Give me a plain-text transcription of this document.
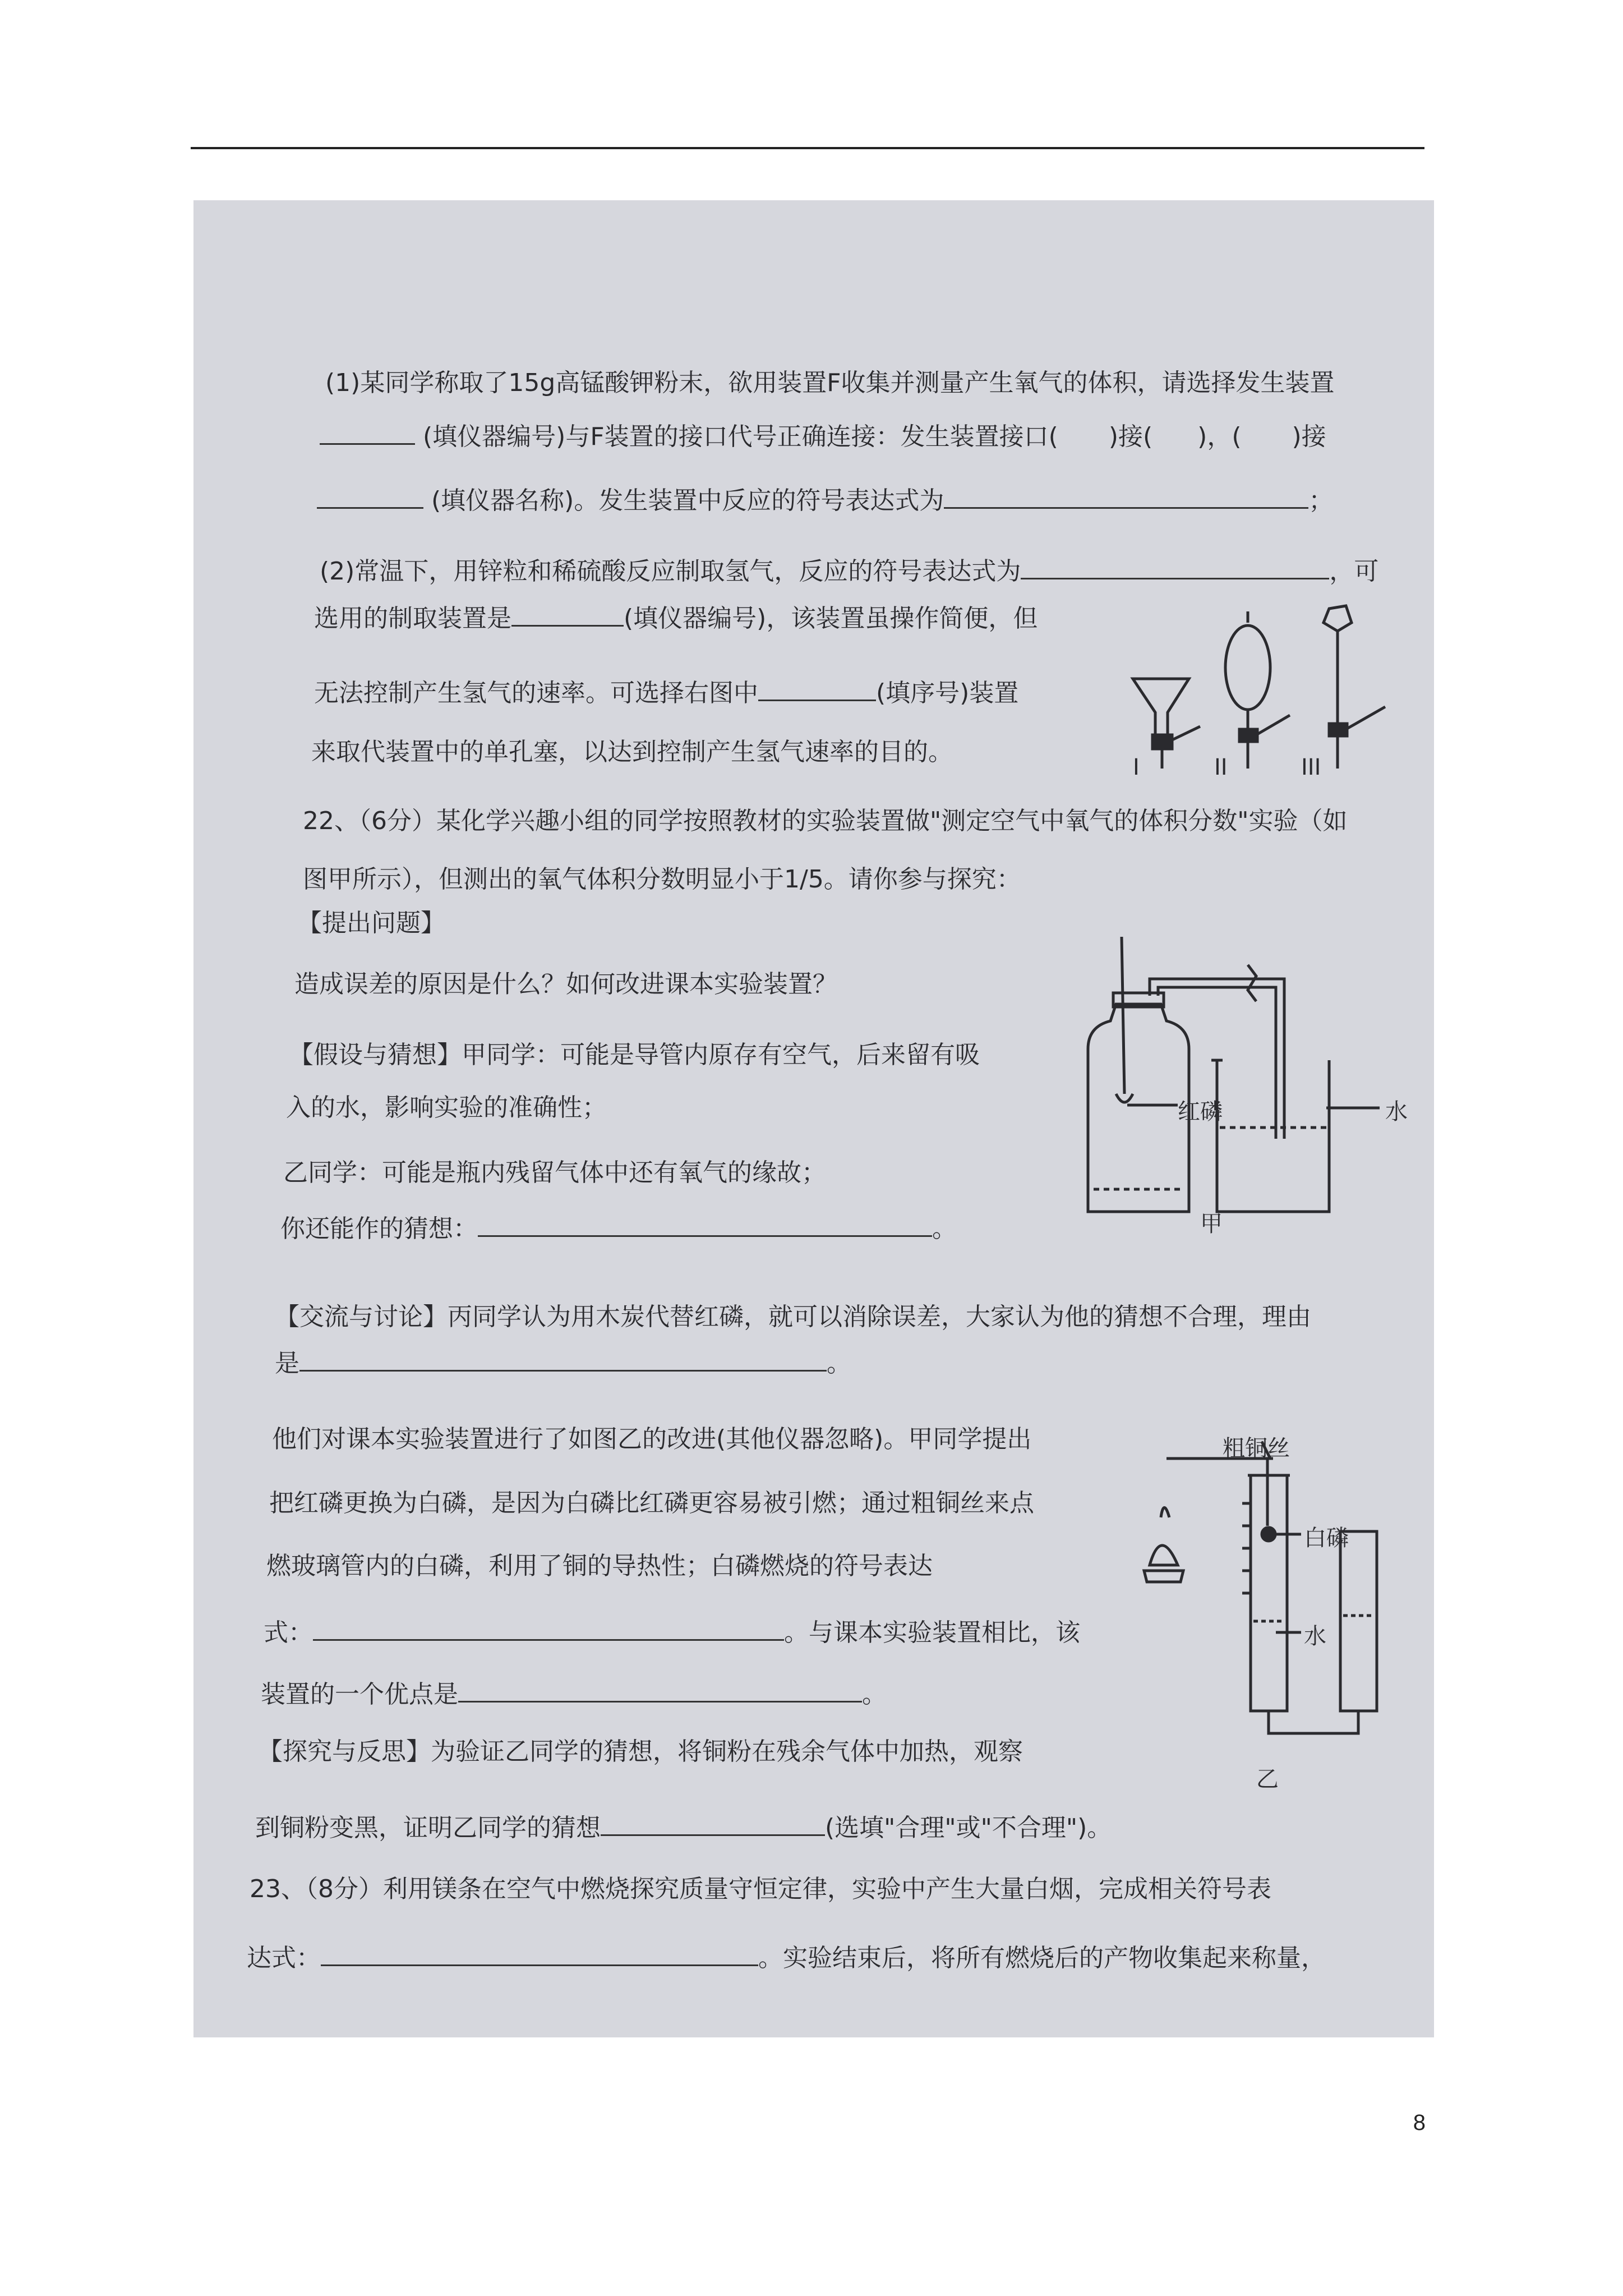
(1)某同学称取了15g高锰酸钾粉末，欲用装置F收集并测量产生氧气的体积，请选择发生装置
(填仪器编号)与F装置的接口代号正确连接：发生装置接口( )接( )，( )接
(填仪器名称)。发生装置中反应的符号表达式为	；
(2)常温下，用锌粒和稀硫酸反应制取氢气，反应的符号表达式为	，可
选用的制取装置是	(填仪器编号)，该装置虽操作简便，但
无法控制产生氢气的速率。可选择右图中	(填序号)装置
来取代装置中的单孔塞，以达到控制产生氢气速率的目的。
22、（6分）某化学兴趣小组的同学按照教材的实验装置做"测定空气中氧气的体积分数"实验（如
图甲所示），但测出的氧气体积分数明显小于1/5。请你参与探究：
【提出问题】
造成误差的原因是什么？如何改进课本实验装置？
【假设与猜想】甲同学：可能是导管内原存有空气，后来留有吸
入的水，影响实验的准确性；
乙同学：可能是瓶内残留气体中还有氧气的缘故；
你还能作的猜想：	。
【交流与讨论】丙同学认为用木炭代替红磷，就可以消除误差，大家认为他的猜想不合理，理由
是	。
他们对课本实验装置进行了如图乙的改进(其他仪器忽略)。甲同学提出
把红磷更换为白磷，是因为白磷比红磷更容易被引燃；通过粗铜丝来点
燃玻璃管内的白磷，利用了铜的导热性；白磷燃烧的符号表达
式：	。与课本实验装置相比，该
装置的一个优点是	。
【探究与反思】为验证乙同学的猜想，将铜粉在残余气体中加热，观察
到铜粉变黑，证明乙同学的猜想	(选填"合理"或"不合理")。
23、（8分）利用镁条在空气中燃烧探究质量守恒定律，实验中产生大量白烟，完成相关符号表
达式：	。实验结束后，将所有燃烧后的产物收集起来称量，
I	II	III
红磷	水
甲
粗铜丝
白磷
水
乙
8
